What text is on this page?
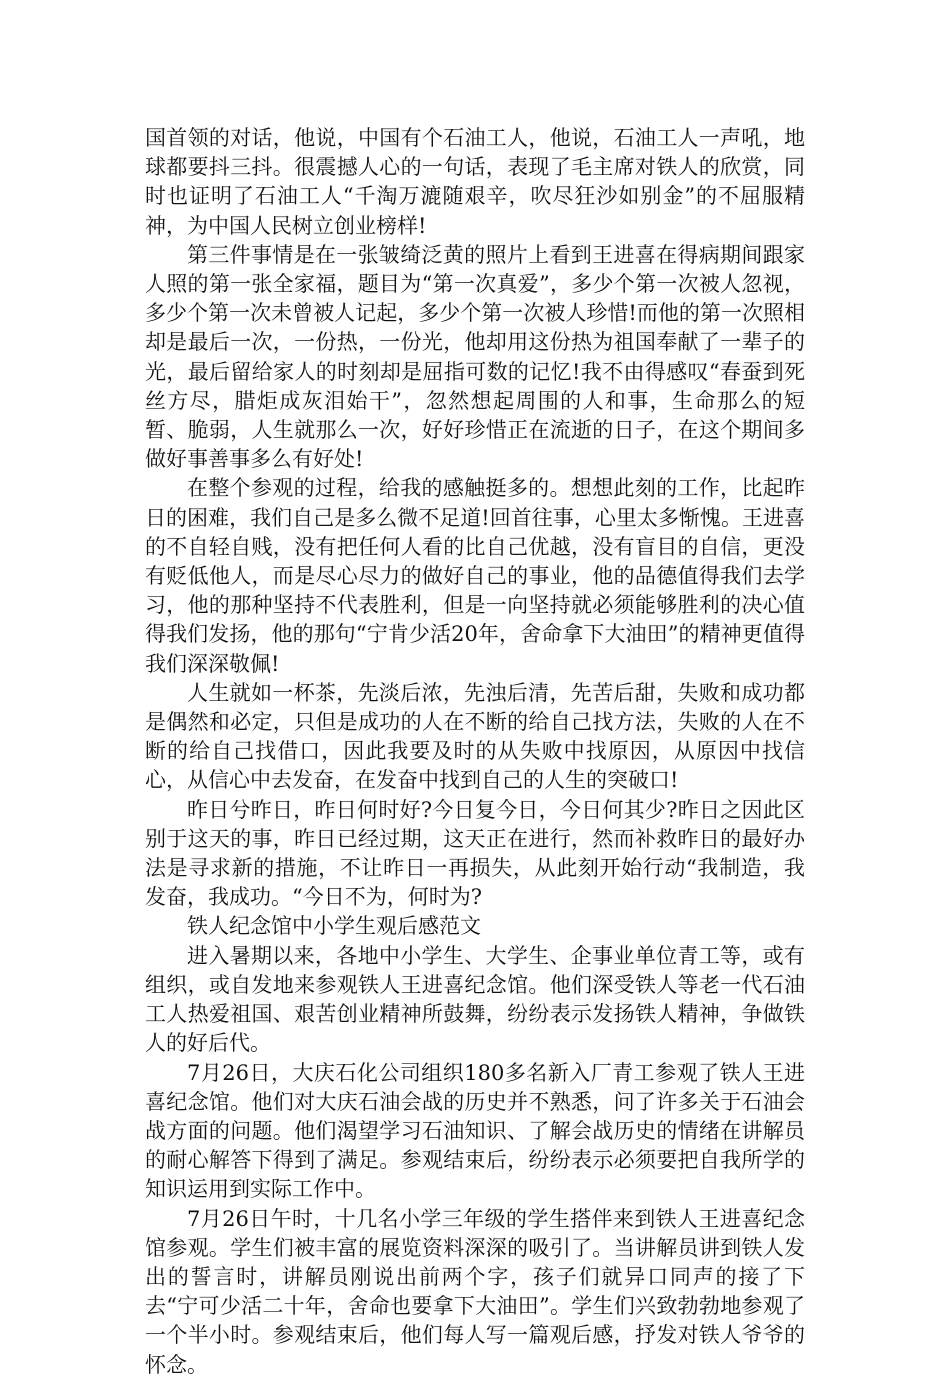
国首领的对话，他说，中国有个石油工人，他说，石油工人一声吼，地球都要抖三抖。很震撼人心的一句话，表现了毛主席对铁人的欣赏，同时也证明了石油工人“千淘万漉随艰辛，吹尽狂沙如别金”的不屈服精神，为中国人民树立创业榜样!

第三件事情是在一张皱绮泛黄的照片上看到王进喜在得病期间跟家人照的第一张全家福，题目为“第一次真爱”，多少个第一次被人忽视，多少个第一次未曾被人记起，多少个第一次被人珍惜!而他的第一次照相却是最后一次，一份热，一份光，他却用这份热为祖国奉献了一辈子的光，最后留给家人的时刻却是屈指可数的记忆!我不由得感叹“春蚕到死丝方尽，腊炬成灰泪始干”，忽然想起周围的人和事，生命那么的短暂、脆弱，人生就那么一次，好好珍惜正在流逝的日子，在这个期间多做好事善事多么有好处!

在整个参观的过程，给我的感触挺多的。想想此刻的工作，比起昨日的困难，我们自己是多么微不足道!回首往事，心里太多惭愧。王进喜的不自轻自贱，没有把任何人看的比自己优越，没有盲目的自信，更没有贬低他人，而是尽心尽力的做好自己的事业，他的品德值得我们去学习，他的那种坚持不代表胜利，但是一向坚持就必须能够胜利的决心值得我们发扬，他的那句“宁肯少活20年，舍命拿下大油田”的精神更值得我们深深敬佩!

人生就如一杯茶，先淡后浓，先浊后清，先苦后甜，失败和成功都是偶然和必定，只但是成功的人在不断的给自己找方法，失败的人在不断的给自己找借口，因此我要及时的从失败中找原因，从原因中找信心，从信心中去发奋，在发奋中找到自己的人生的突破口!

昨日兮昨日，昨日何时好?今日复今日，今日何其少?昨日之因此区别于这天的事，昨日已经过期，这天正在进行，然而补救昨日的最好办法是寻求新的措施，不让昨日一再损失，从此刻开始行动“我制造，我发奋，我成功。“今日不为，何时为?

铁人纪念馆中小学生观后感范文

进入暑期以来，各地中小学生、大学生、企事业单位青工等，或有组织，或自发地来参观铁人王进喜纪念馆。他们深受铁人等老一代石油工人热爱祖国、艰苦创业精神所鼓舞，纷纷表示发扬铁人精神，争做铁人的好后代。

7月26日，大庆石化公司组织180多名新入厂青工参观了铁人王进喜纪念馆。他们对大庆石油会战的历史并不熟悉，问了许多关于石油会战方面的问题。他们渴望学习石油知识、了解会战历史的情绪在讲解员的耐心解答下得到了满足。参观结束后，纷纷表示必须要把自我所学的知识运用到实际工作中。

7月26日午时，十几名小学三年级的学生搭伴来到铁人王进喜纪念馆参观。学生们被丰富的展览资料深深的吸引了。当讲解员讲到铁人发出的誓言时，讲解员刚说出前两个字，孩子们就异口同声的接了下去“宁可少活二十年，舍命也要拿下大油田”。学生们兴致勃勃地参观了一个半小时。参观结束后，他们每人写一篇观后感，抒发对铁人爷爷的怀念。
